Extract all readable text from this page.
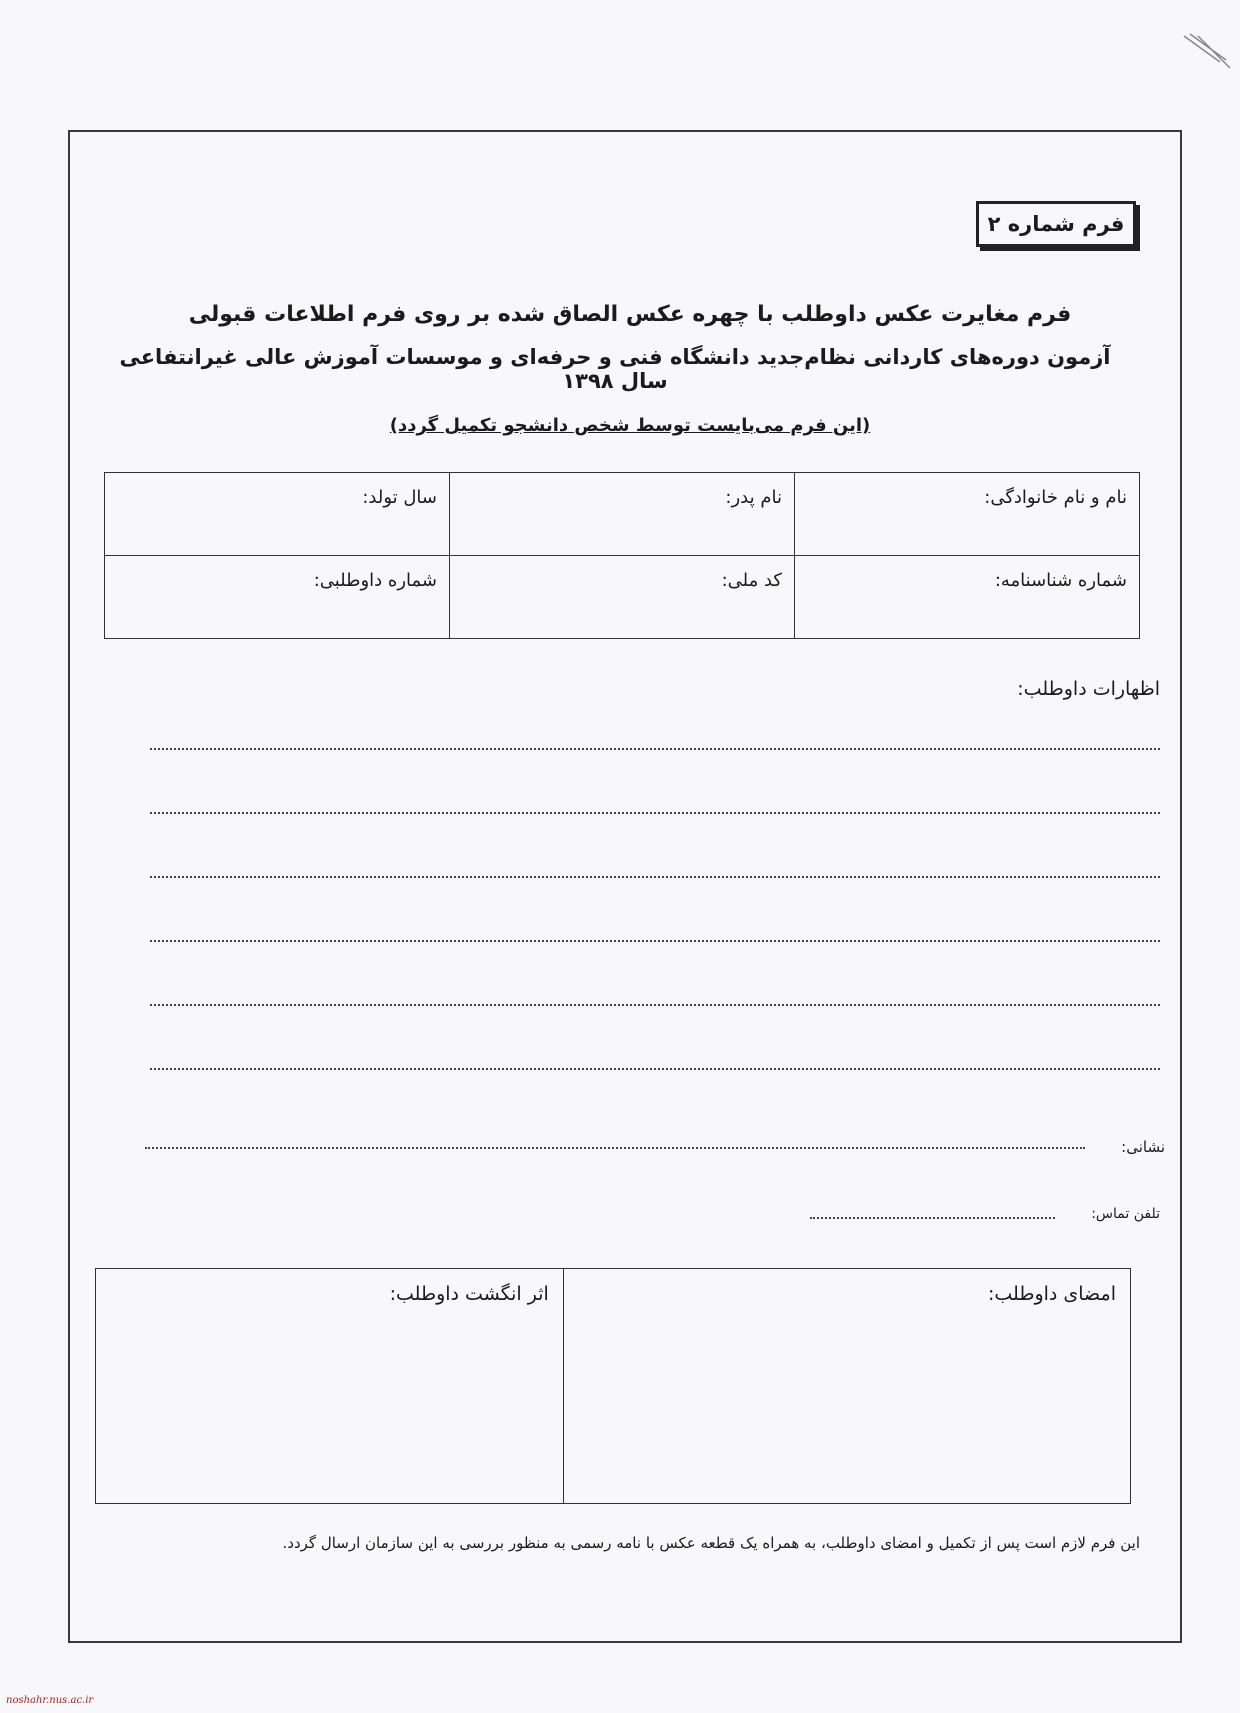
فرم شماره ۲
فرم مغایرت عکس داوطلب با چهره عکس الصاق شده بر روی فرم اطلاعات قبولی
آزمون دوره‌های کاردانی نظام‌جدید دانشگاه فنی و حرفه‌ای و موسسات آموزش عالی غیرانتفاعی سال ۱۳۹۸
(این فرم می‌بایست توسط شخص دانشجو تکمیل گردد)
نام و نام خانوادگی:	نام پدر:	سال تولد:
شماره شناسنامه:	کد ملی:	شماره داوطلبی:
اظهارات داوطلب:
نشانی:
تلفن تماس:
امضای داوطلب:	اثر انگشت داوطلب:
این فرم لازم است پس از تکمیل و امضای داوطلب، به همراه یک قطعه عکس با نامه رسمی به منظور بررسی به این سازمان ارسال گردد.
noshahr.nus.ac.ir
